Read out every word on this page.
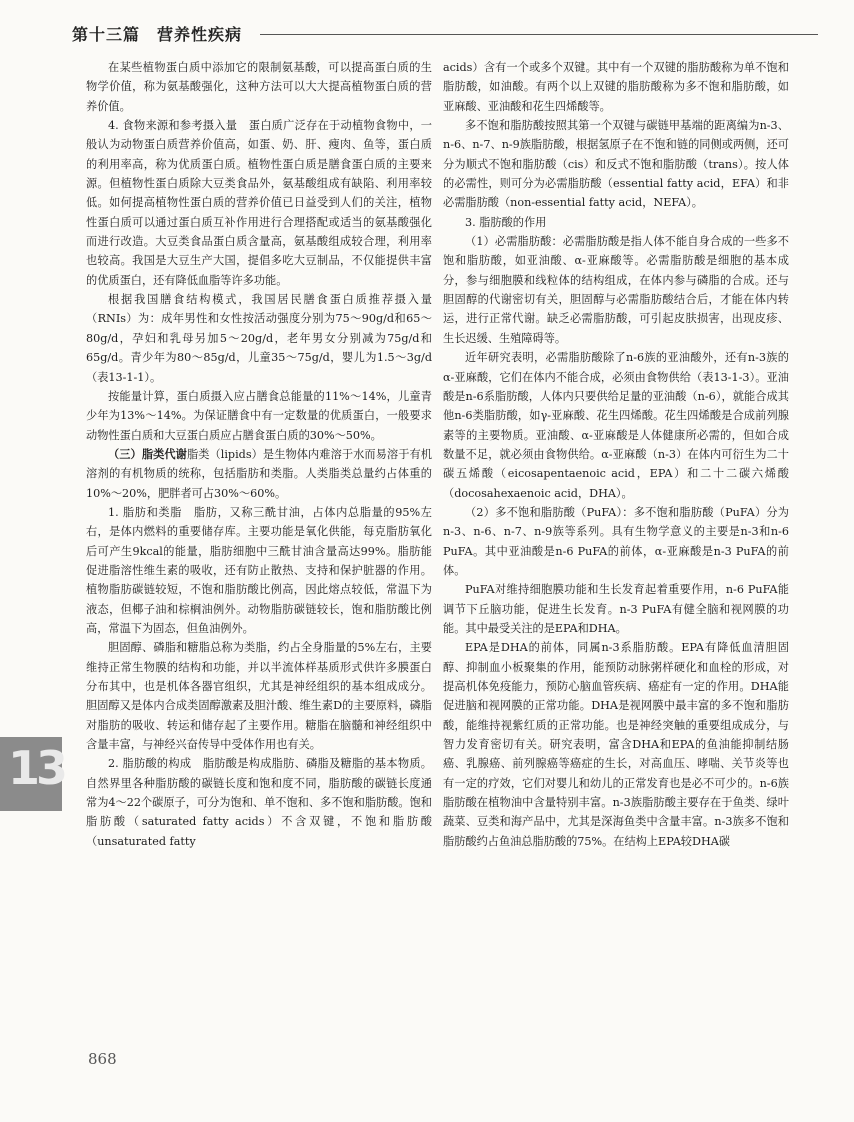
第十三篇　营养性疾病

在某些植物蛋白质中添加它的限制氨基酸，可以提高蛋白质的生物学价值，称为氨基酸强化，这种方法可以大大提高植物蛋白质的营养价值。

4. 食物来源和参考摄入量　蛋白质广泛存在于动植物食物中，一般认为动物蛋白质营养价值高，如蛋、奶、肝、瘦肉、鱼等，蛋白质的利用率高，称为优质蛋白质。植物性蛋白质是膳食蛋白质的主要来源。但植物性蛋白质除大豆类食品外，氨基酸组成有缺陷、利用率较低。如何提高植物性蛋白质的营养价值已日益受到人们的关注，植物性蛋白质可以通过蛋白质互补作用进行合理搭配或适当的氨基酸强化而进行改造。大豆类食品蛋白质含量高，氨基酸组成较合理，利用率也较高。我国是大豆生产大国，提倡多吃大豆制品，不仅能提供丰富的优质蛋白，还有降低血脂等许多功能。

根据我国膳食结构模式，我国居民膳食蛋白质推荐摄入量（RNIs）为：成年男性和女性按活动强度分别为75～90g/d和65～80g/d，孕妇和乳母另加5～20g/d，老年男女分别减为75g/d和65g/d。青少年为80～85g/d，儿童35～75g/d，婴儿为1.5～3g/d（表13-1-1）。

按能量计算，蛋白质摄入应占膳食总能量的11%～14%，儿童青少年为13%～14%。为保证膳食中有一定数量的优质蛋白，一般要求动物性蛋白质和大豆蛋白质应占膳食蛋白质的30%～50%。

（三）脂类代谢脂类（lipids）是生物体内难溶于水而易溶于有机溶剂的有机物质的统称，包括脂肪和类脂。人类脂类总量约占体重的10%～20%，肥胖者可占30%～60%。

1. 脂肪和类脂　脂肪，又称三酰甘油，占体内总脂量的95%左右，是体内燃料的重要储存库。主要功能是氧化供能，每克脂肪氧化后可产生9kcal的能量，脂肪细胞中三酰甘油含量高达99%。脂肪能促进脂溶性维生素的吸收，还有防止散热、支持和保护脏器的作用。植物脂肪碳链较短，不饱和脂肪酸比例高，因此熔点较低，常温下为液态，但椰子油和棕榈油例外。动物脂肪碳链较长，饱和脂肪酸比例高，常温下为固态，但鱼油例外。

胆固醇、磷脂和糖脂总称为类脂，约占全身脂量的5%左右，主要维持正常生物膜的结构和功能，并以半流体样基质形式供许多膜蛋白分布其中，也是机体各器官组织，尤其是神经组织的基本组成成分。胆固醇又是体内合成类固醇激素及胆汁酸、维生素D的主要原料，磷脂对脂肪的吸收、转运和储存起了主要作用。糖脂在脑髓和神经组织中含量丰富，与神经兴奋传导中受体作用也有关。

2. 脂肪酸的构成　脂肪酸是构成脂肪、磷脂及糖脂的基本物质。自然界里各种脂肪酸的碳链长度和饱和度不同，脂肪酸的碳链长度通常为4～22个碳原子，可分为饱和、单不饱和、多不饱和脂肪酸。饱和脂肪酸（saturated fatty acids）不含双键，不饱和脂肪酸（unsaturated fatty

acids）含有一个或多个双键。其中有一个双键的脂肪酸称为单不饱和脂肪酸，如油酸。有两个以上双键的脂肪酸称为多不饱和脂肪酸，如亚麻酸、亚油酸和花生四烯酸等。

多不饱和脂肪酸按照其第一个双键与碳链甲基端的距离编为n-3、n-6、n-7、n-9族脂肪酸，根据氢原子在不饱和链的同侧或两侧，还可分为顺式不饱和脂肪酸（cis）和反式不饱和脂肪酸（trans）。按人体的必需性，则可分为必需脂肪酸（essential fatty acid，EFA）和非必需脂肪酸（non-essential fatty acid，NEFA）。

3. 脂肪酸的作用

（1）必需脂肪酸：必需脂肪酸是指人体不能自身合成的一些多不饱和脂肪酸，如亚油酸、α-亚麻酸等。必需脂肪酸是细胞的基本成分，参与细胞膜和线粒体的结构组成，在体内参与磷脂的合成。还与胆固醇的代谢密切有关，胆固醇与必需脂肪酸结合后，才能在体内转运，进行正常代谢。缺乏必需脂肪酸，可引起皮肤损害，出现皮疹、生长迟缓、生殖障碍等。

近年研究表明，必需脂肪酸除了n-6族的亚油酸外，还有n-3族的α-亚麻酸，它们在体内不能合成，必须由食物供给（表13-1-3）。亚油酸是n-6系脂肪酸，人体内只要供给足量的亚油酸（n-6），就能合成其他n-6类脂肪酸，如γ-亚麻酸、花生四烯酸。花生四烯酸是合成前列腺素等的主要物质。亚油酸、α-亚麻酸是人体健康所必需的，但如合成数量不足，就必须由食物供给。α-亚麻酸（n-3）在体内可衍生为二十碳五烯酸（eicosapentaenoic acid，EPA）和二十二碳六烯酸（docosahexaenoic acid，DHA）。

（2）多不饱和脂肪酸（PuFA）：多不饱和脂肪酸（PuFA）分为n-3、n-6、n-7、n-9族等系列。具有生物学意义的主要是n-3和n-6 PuFA。其中亚油酸是n-6 PuFA的前体，α-亚麻酸是n-3 PuFA的前体。

PuFA对维持细胞膜功能和生长发育起着重要作用，n-6 PuFA能调节下丘脑功能，促进生长发育。n-3 PuFA有健全脑和视网膜的功能。其中最受关注的是EPA和DHA。

EPA是DHA的前体，同属n-3系脂肪酸。EPA有降低血清胆固醇、抑制血小板聚集的作用，能预防动脉粥样硬化和血栓的形成，对提高机体免疫能力，预防心脑血管疾病、癌症有一定的作用。DHA能促进脑和视网膜的正常功能。DHA是视网膜中最丰富的多不饱和脂肪酸，能维持视紫红质的正常功能。也是神经突触的重要组成成分，与智力发育密切有关。研究表明，富含DHA和EPA的鱼油能抑制结肠癌、乳腺癌、前列腺癌等癌症的生长，对高血压、哮喘、关节炎等也有一定的疗效，它们对婴儿和幼儿的正常发育也是必不可少的。n-6族脂肪酸在植物油中含量特别丰富。n-3族脂肪酸主要存在于鱼类、绿叶蔬菜、豆类和海产品中，尤其是深海鱼类中含量丰富。n-3族多不饱和脂肪酸约占鱼油总脂肪酸的75%。在结构上EPA较DHA碳

13
868
